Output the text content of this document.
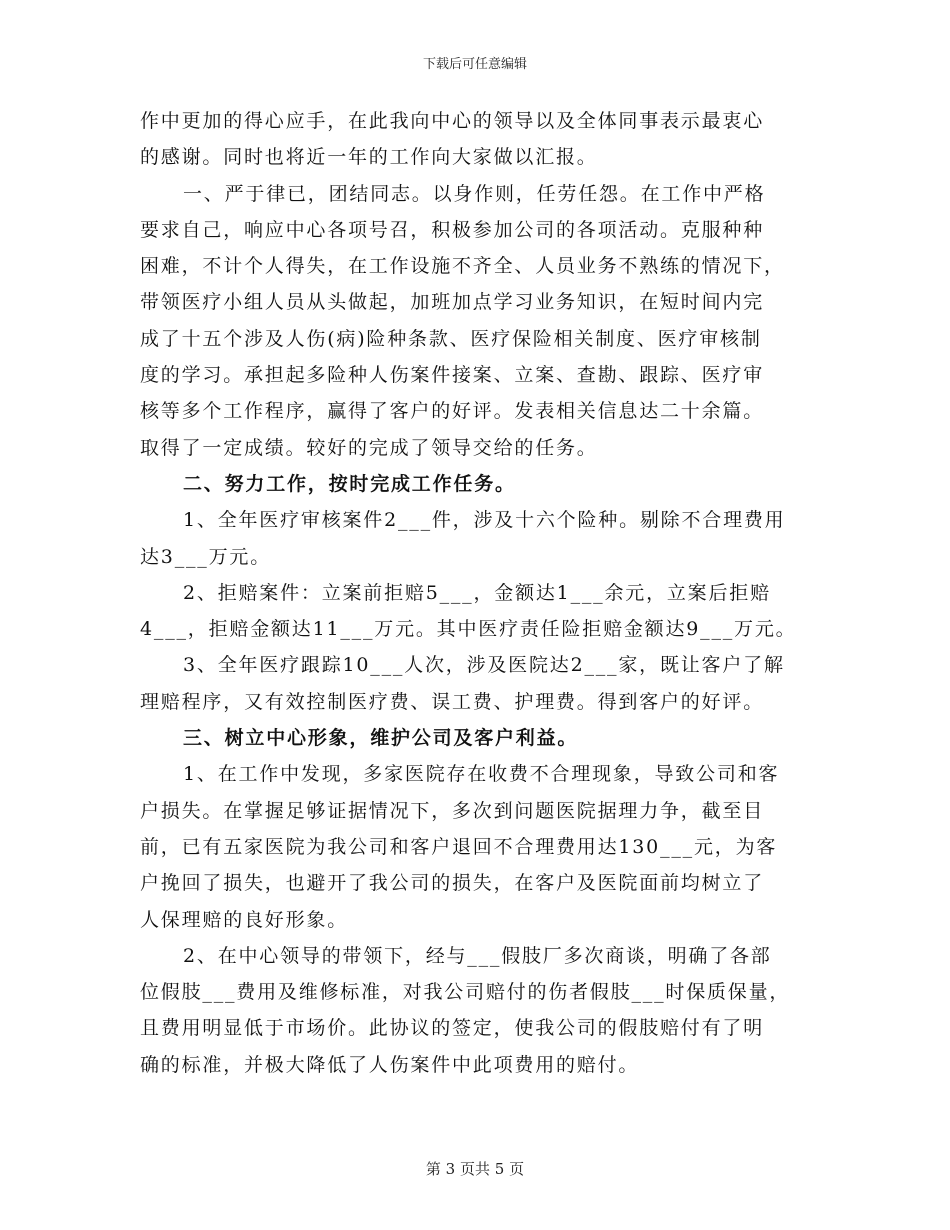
下载后可任意编辑
作中更加的得心应手，在此我向中心的领导以及全体同事表示最衷心
的感谢。同时也将近一年的工作向大家做以汇报。
一、严于律已，团结同志。以身作则，任劳任怨。在工作中严格
要求自己，响应中心各项号召，积极参加公司的各项活动。克服种种
困难，不计个人得失，在工作设施不齐全、人员业务不熟练的情况下，
带领医疗小组人员从头做起，加班加点学习业务知识，在短时间内完
成了十五个涉及人伤(病)险种条款、医疗保险相关制度、医疗审核制
度的学习。承担起多险种人伤案件接案、立案、查勘、跟踪、医疗审
核等多个工作程序，赢得了客户的好评。发表相关信息达二十余篇。
取得了一定成绩。较好的完成了领导交给的任务。
二、努力工作，按时完成工作任务。
1、全年医疗审核案件2___件，涉及十六个险种。剔除不合理费用
达3___万元。
2、拒赔案件：立案前拒赔5___，金额达1___余元，立案后拒赔
4___，拒赔金额达11___万元。其中医疗责任险拒赔金额达9___万元。
3、全年医疗跟踪10___人次，涉及医院达2___家，既让客户了解
理赔程序，又有效控制医疗费、误工费、护理费。得到客户的好评。
三、树立中心形象，维护公司及客户利益。
1、在工作中发现，多家医院存在收费不合理现象，导致公司和客
户损失。在掌握足够证据情况下，多次到问题医院据理力争，截至目
前，已有五家医院为我公司和客户退回不合理费用达130___元，为客
户挽回了损失，也避开了我公司的损失，在客户及医院面前均树立了
人保理赔的良好形象。
2、在中心领导的带领下，经与___假肢厂多次商谈，明确了各部
位假肢___费用及维修标准，对我公司赔付的伤者假肢___时保质保量，
且费用明显低于市场价。此协议的签定，使我公司的假肢赔付有了明
确的标准，并极大降低了人伤案件中此项费用的赔付。
第 3 页共 5 页
